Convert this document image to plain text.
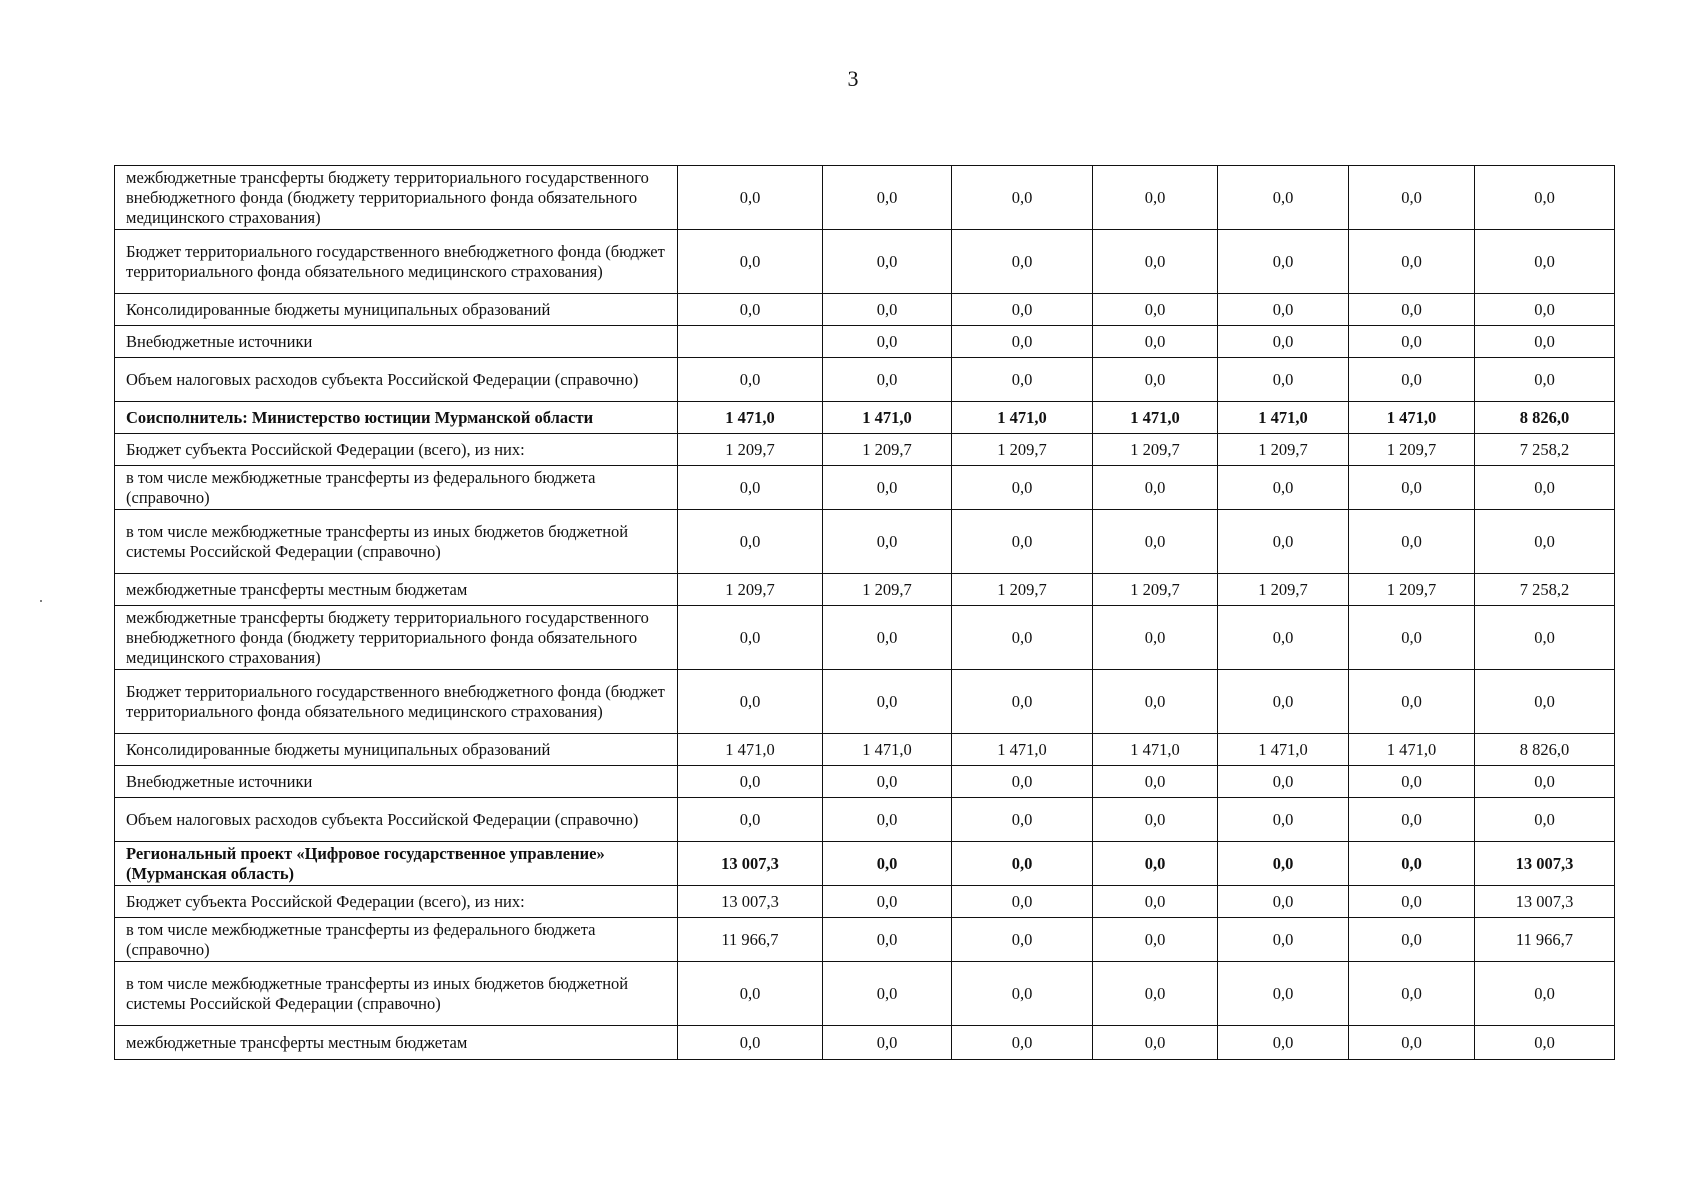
3
межбюджетные трансферты бюджету территориального государственного внебюджетного фонда (бюджету территориального фонда обязательного медицинского страхования)	0,0	0,0	0,0	0,0	0,0	0,0	0,0
Бюджет территориального государственного внебюджетного фонда (бюджет территориального фонда обязательного медицинского страхования)	0,0	0,0	0,0	0,0	0,0	0,0	0,0
Консолидированные бюджеты муниципальных образований	0,0	0,0	0,0	0,0	0,0	0,0	0,0
Внебюджетные источники		0,0	0,0	0,0	0,0	0,0	0,0
Объем налоговых расходов субъекта Российской Федерации (справочно)	0,0	0,0	0,0	0,0	0,0	0,0	0,0
Соисполнитель: Министерство юстиции Мурманской области	1 471,0	1 471,0	1 471,0	1 471,0	1 471,0	1 471,0	8 826,0
Бюджет субъекта Российской Федерации (всего), из них:	1 209,7	1 209,7	1 209,7	1 209,7	1 209,7	1 209,7	7 258,2
в том числе межбюджетные трансферты из федерального бюджета (справочно)	0,0	0,0	0,0	0,0	0,0	0,0	0,0
в том числе межбюджетные трансферты из иных бюджетов бюджетной системы Российской Федерации (справочно)	0,0	0,0	0,0	0,0	0,0	0,0	0,0
межбюджетные трансферты местным бюджетам	1 209,7	1 209,7	1 209,7	1 209,7	1 209,7	1 209,7	7 258,2
межбюджетные трансферты бюджету территориального государственного внебюджетного фонда (бюджету территориального фонда обязательного медицинского страхования)	0,0	0,0	0,0	0,0	0,0	0,0	0,0
Бюджет территориального государственного внебюджетного фонда (бюджет территориального фонда обязательного медицинского страхования)	0,0	0,0	0,0	0,0	0,0	0,0	0,0
Консолидированные бюджеты муниципальных образований	1 471,0	1 471,0	1 471,0	1 471,0	1 471,0	1 471,0	8 826,0
Внебюджетные источники	0,0	0,0	0,0	0,0	0,0	0,0	0,0
Объем налоговых расходов субъекта Российской Федерации (справочно)	0,0	0,0	0,0	0,0	0,0	0,0	0,0
Региональный проект «Цифровое государственное управление» (Мурманская область)	13 007,3	0,0	0,0	0,0	0,0	0,0	13 007,3
Бюджет субъекта Российской Федерации (всего), из них:	13 007,3	0,0	0,0	0,0	0,0	0,0	13 007,3
в том числе межбюджетные трансферты из федерального бюджета (справочно)	11 966,7	0,0	0,0	0,0	0,0	0,0	11 966,7
в том числе межбюджетные трансферты из иных бюджетов бюджетной системы Российской Федерации (справочно)	0,0	0,0	0,0	0,0	0,0	0,0	0,0
межбюджетные трансферты местным бюджетам	0,0	0,0	0,0	0,0	0,0	0,0	0,0
